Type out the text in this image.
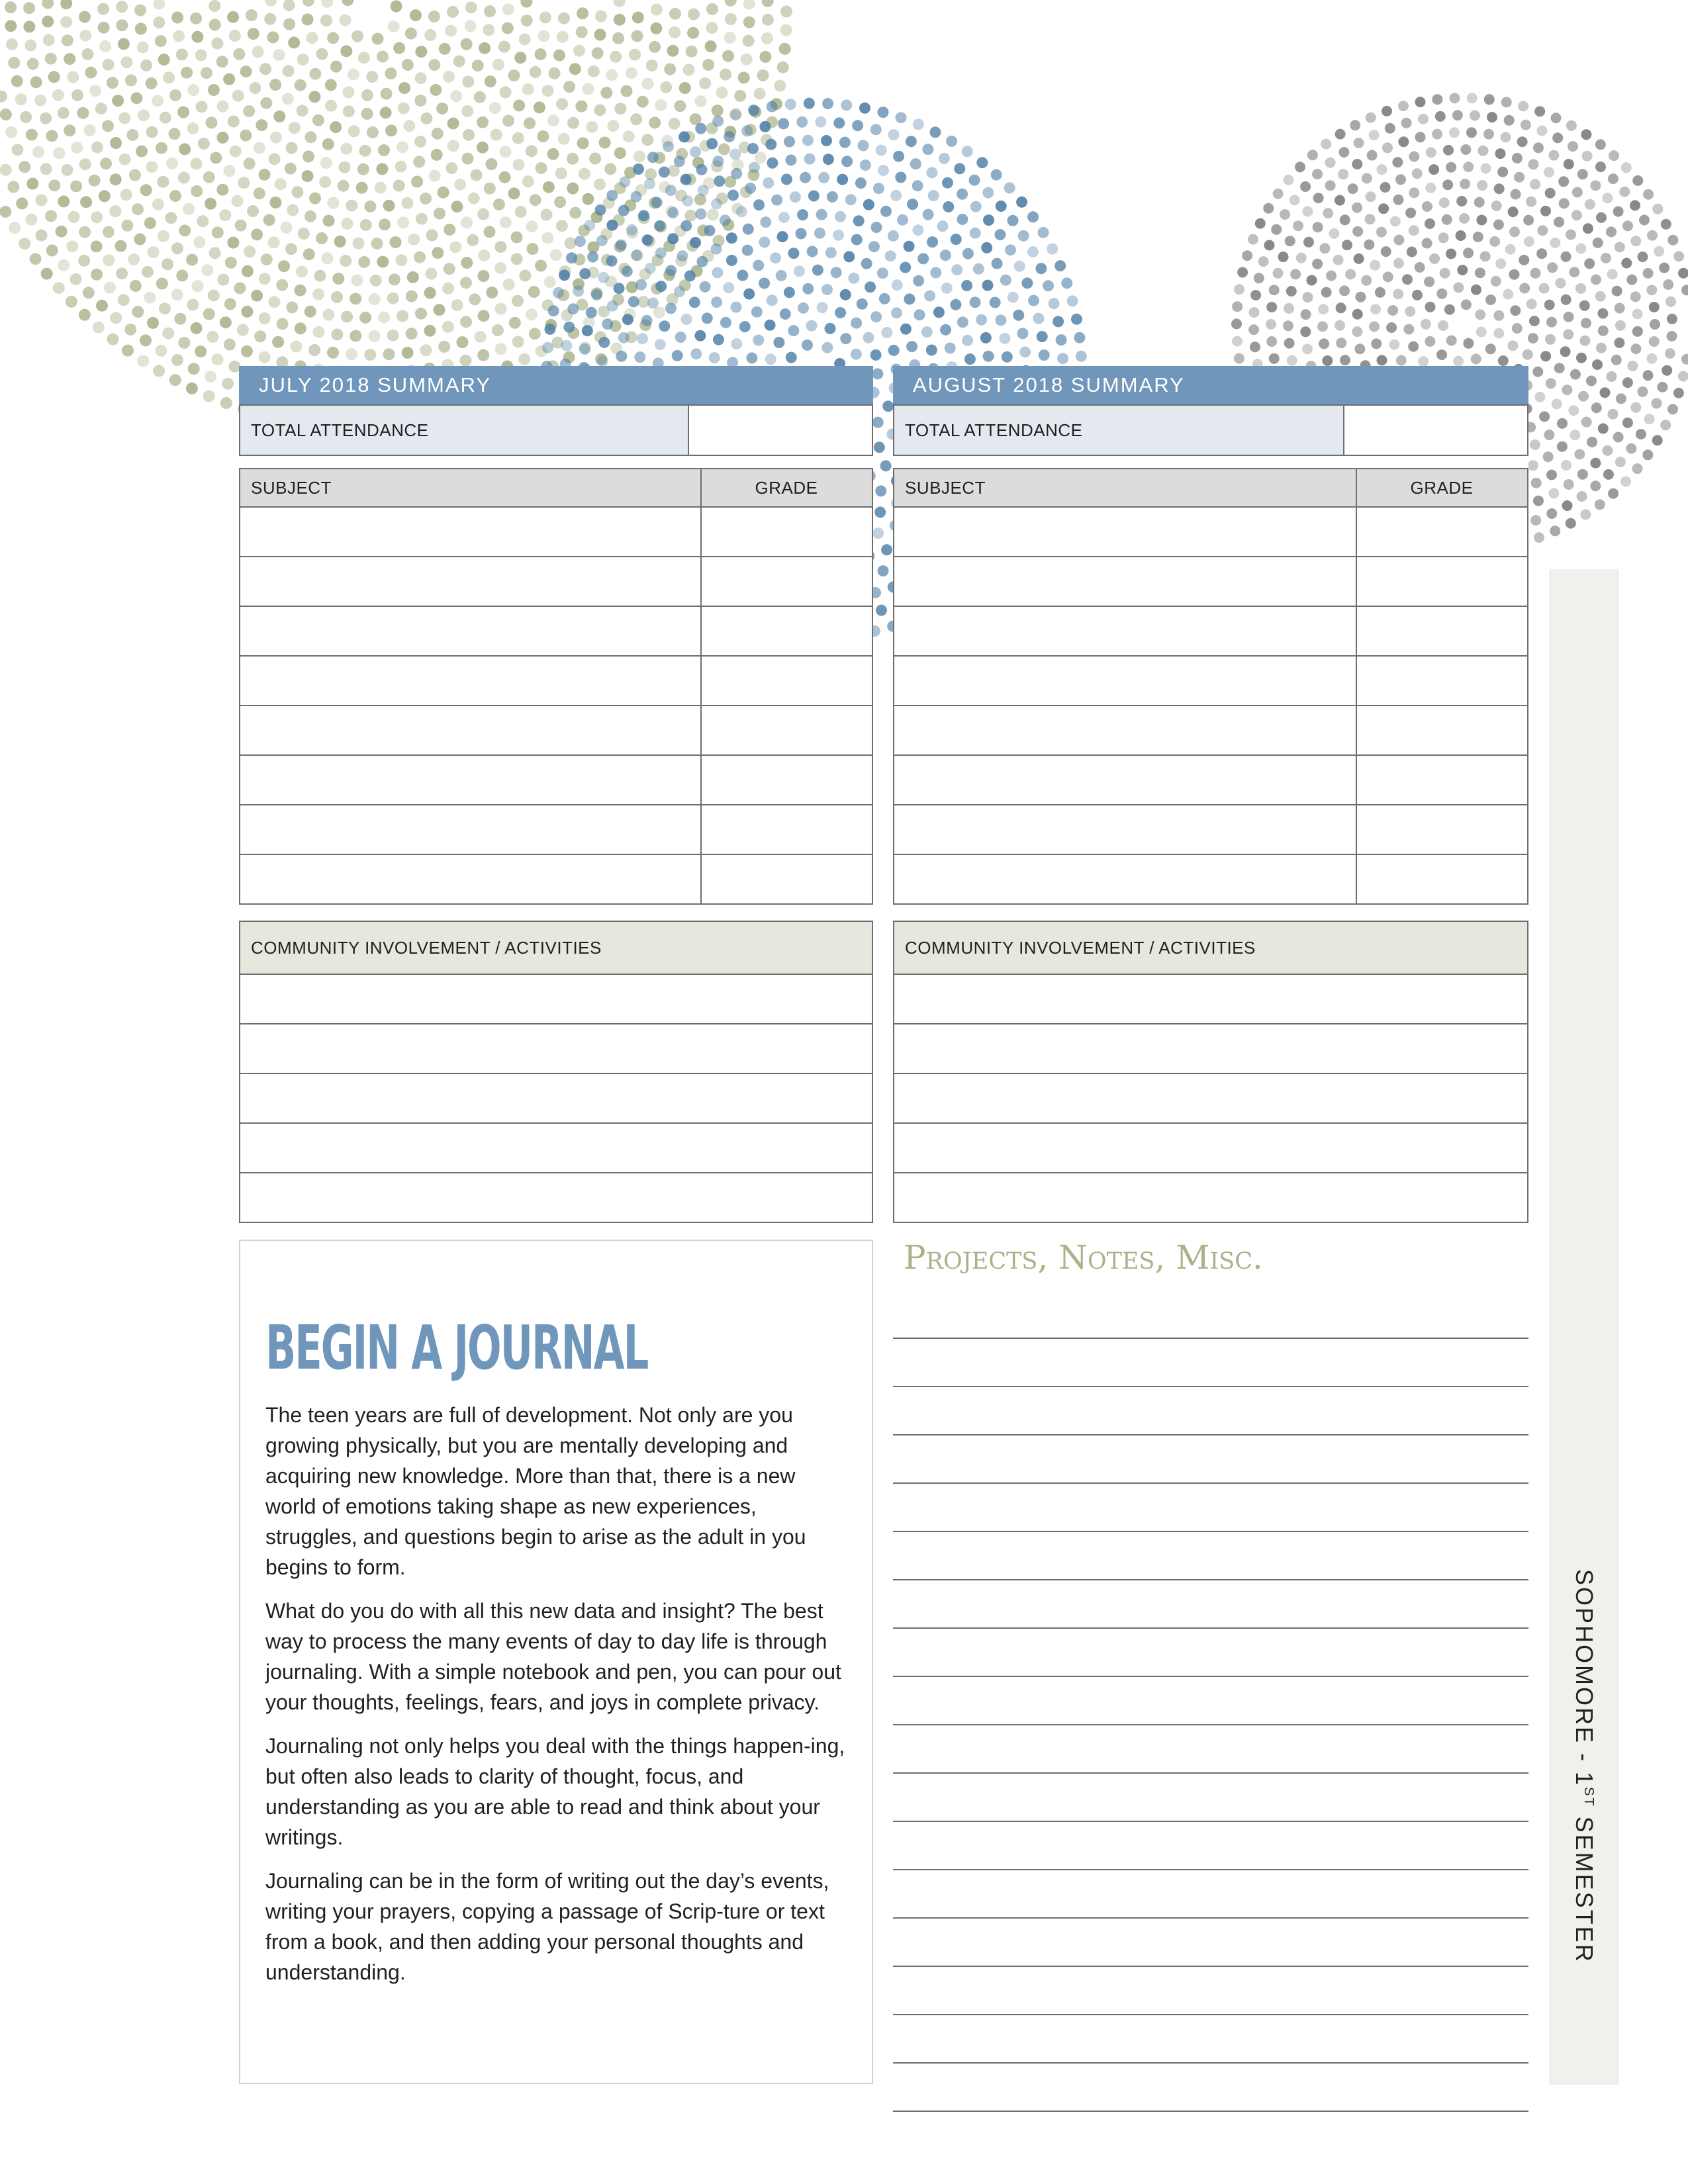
SOPHOMORE - 1ST SEMESTER
JULY 2018 SUMMARY
TOTAL ATTENDANCE	
SUBJECT	GRADE

COMMUNITY INVOLVEMENT / ACTIVITIES

AUGUST 2018 SUMMARY
TOTAL ATTENDANCE	
SUBJECT	GRADE

COMMUNITY INVOLVEMENT / ACTIVITIES

BEGIN A JOURNAL

The teen years are full of development. Not only are you growing physically, but you are mentally developing and acquiring new knowledge. More than that, there is a new world of emotions taking shape as new experiences, struggles, and questions begin to arise as the adult in you begins to form.

What do you do with all this new data and insight? The best way to process the many events of day to day life is through journaling. With a simple notebook and pen, you can pour out your thoughts, feelings, fears, and joys in complete privacy.

Journaling not only helps you deal with the things happen-ing, but often also leads to clarity of thought, focus, and understanding as you are able to read and think about your writings.

Journaling can be in the form of writing out the day’s events, writing your prayers, copying a passage of Scrip-ture or text from a book, and then adding your personal thoughts and understanding.

Projects, Notes, Misc.
